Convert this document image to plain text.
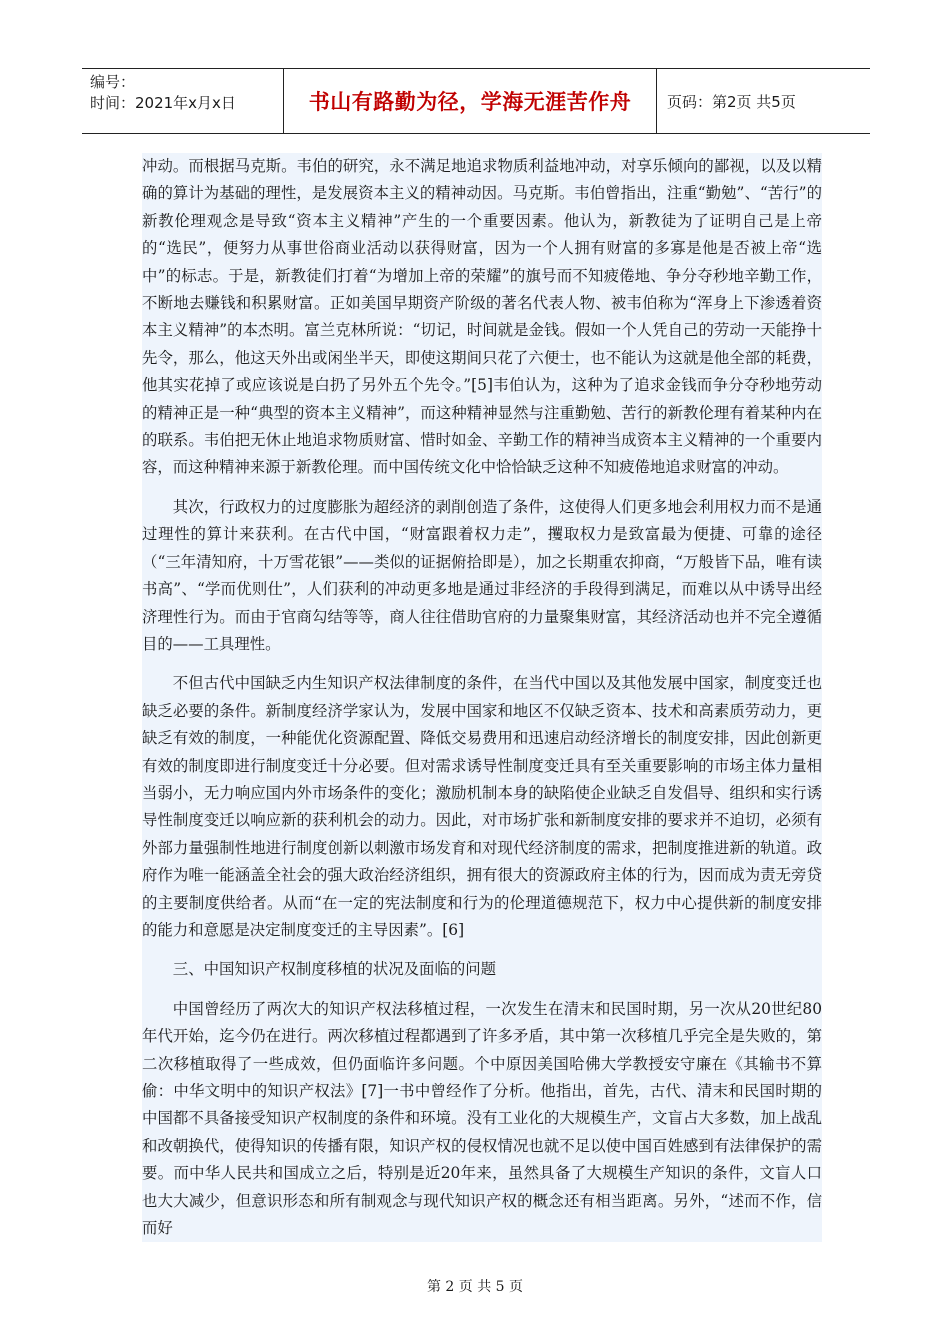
编号：
时间：2021年x月x日	书山有路勤为径，学海无涯苦作舟	页码：第2页 共5页

冲动。而根据马克斯。韦伯的研究，永不满足地追求物质利益地冲动，对享乐倾向的鄙视，以及以精确的算计为基础的理性，是发展资本主义的精神动因。马克斯。韦伯曾指出，注重“勤勉”、“苦行”的新教伦理观念是导致“资本主义精神”产生的一个重要因素。他认为，新教徒为了证明自己是上帝的“选民”，便努力从事世俗商业活动以获得财富，因为一个人拥有财富的多寡是他是否被上帝“选中”的标志。于是，新教徒们打着“为增加上帝的荣耀”的旗号而不知疲倦地、争分夺秒地辛勤工作，不断地去赚钱和积累财富。正如美国早期资产阶级的著名代表人物、被韦伯称为“浑身上下渗透着资本主义精神”的本杰明。富兰克林所说：“切记，时间就是金钱。假如一个人凭自己的劳动一天能挣十先令，那么，他这天外出或闲坐半天，即使这期间只花了六便士，也不能认为这就是他全部的耗费，他其实花掉了或应该说是白扔了另外五个先令。”[5]韦伯认为，这种为了追求金钱而争分夺秒地劳动的精神正是一种“典型的资本主义精神”，而这种精神显然与注重勤勉、苦行的新教伦理有着某种内在的联系。韦伯把无休止地追求物质财富、惜时如金、辛勤工作的精神当成资本主义精神的一个重要内容，而这种精神来源于新教伦理。而中国传统文化中恰恰缺乏这种不知疲倦地追求财富的冲动。

其次，行政权力的过度膨胀为超经济的剥削创造了条件，这使得人们更多地会利用权力而不是通过理性的算计来获利。在古代中国，“财富跟着权力走”，攫取权力是致富最为便捷、可靠的途径（“三年清知府，十万雪花银”——类似的证据俯拾即是），加之长期重农抑商，“万般皆下品，唯有读书高”、“学而优则仕”，人们获利的冲动更多地是通过非经济的手段得到满足，而难以从中诱导出经济理性行为。而由于官商勾结等等，商人往往借助官府的力量聚集财富，其经济活动也并不完全遵循目的——工具理性。

不但古代中国缺乏内生知识产权法律制度的条件，在当代中国以及其他发展中国家，制度变迁也缺乏必要的条件。新制度经济学家认为，发展中国家和地区不仅缺乏资本、技术和高素质劳动力，更缺乏有效的制度，一种能优化资源配置、降低交易费用和迅速启动经济增长的制度安排，因此创新更有效的制度即进行制度变迁十分必要。但对需求诱导性制度变迁具有至关重要影响的市场主体力量相当弱小，无力响应国内外市场条件的变化；激励机制本身的缺陷使企业缺乏自发倡导、组织和实行诱导性制度变迁以响应新的获利机会的动力。因此，对市场扩张和新制度安排的要求并不迫切，必须有外部力量强制性地进行制度创新以刺激市场发育和对现代经济制度的需求，把制度推进新的轨道。政府作为唯一能涵盖全社会的强大政治经济组织，拥有很大的资源政府主体的行为，因而成为责无旁贷的主要制度供给者。从而“在一定的宪法制度和行为的伦理道德规范下，权力中心提供新的制度安排的能力和意愿是决定制度变迁的主导因素”。[6]

三、中国知识产权制度移植的状况及面临的问题

中国曾经历了两次大的知识产权法移植过程，一次发生在清末和民国时期，另一次从20世纪80年代开始，迄今仍在进行。两次移植过程都遇到了许多矛盾，其中第一次移植几乎完全是失败的，第二次移植取得了一些成效，但仍面临许多问题。个中原因美国哈佛大学教授安守廉在《其输书不算偷：中华文明中的知识产权法》[7]一书中曾经作了分析。他指出，首先，古代、清末和民国时期的中国都不具备接受知识产权制度的条件和环境。没有工业化的大规模生产，文盲占大多数，加上战乱和改朝换代，使得知识的传播有限，知识产权的侵权情况也就不足以使中国百姓感到有法律保护的需要。而中华人民共和国成立之后，特别是近20年来，虽然具备了大规模生产知识的条件，文盲人口也大大减少，但意识形态和所有制观念与现代知识产权的概念还有相当距离。另外，“述而不作，信而好

第 2 页 共 5 页
